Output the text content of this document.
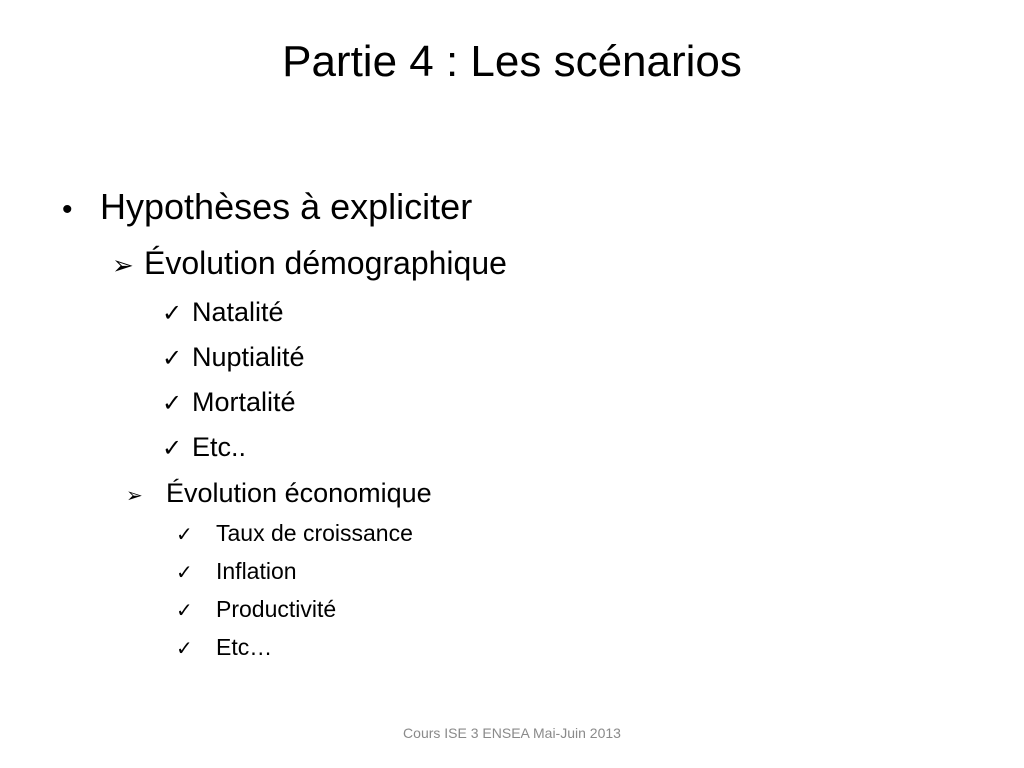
Partie 4 : Les scénarios
• Hypothèses à expliciter
➢ Évolution démographique
✓ Natalité
✓ Nuptialité
✓ Mortalité
✓ Etc..
➢ Évolution économique
✓	Taux de croissance
✓	Inflation
✓	Productivité
✓	Etc…
Cours ISE 3 ENSEA Mai-Juin 2013
